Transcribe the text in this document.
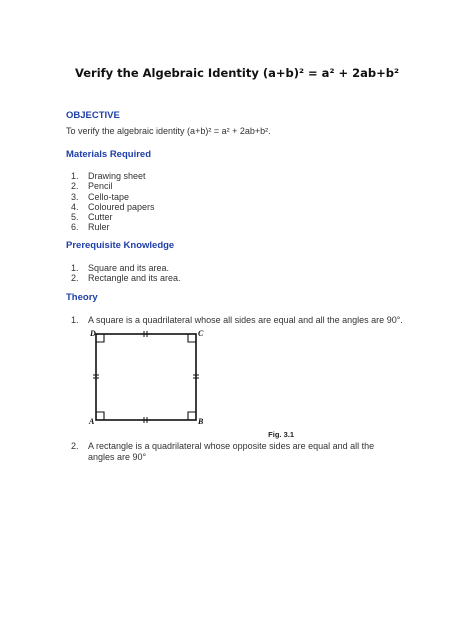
Verify the Algebraic Identity (a+b)² = a² + 2ab+b²
OBJECTIVE
To verify the algebraic identity (a+b)² = a² + 2ab+b².
Materials Required
1. Drawing sheet
2. Pencil
3. Cello-tape
4. Coloured papers
5. Cutter
6. Ruler
Prerequisite Knowledge
1. Square and its area.
2. Rectangle and its area.
Theory
1. A square is a quadrilateral whose all sides are equal and all the angles are 90°.
D	C
A	B
Fig. 3.1
2. A rectangle is a quadrilateral whose opposite sides are equal and all the angles are 90°
